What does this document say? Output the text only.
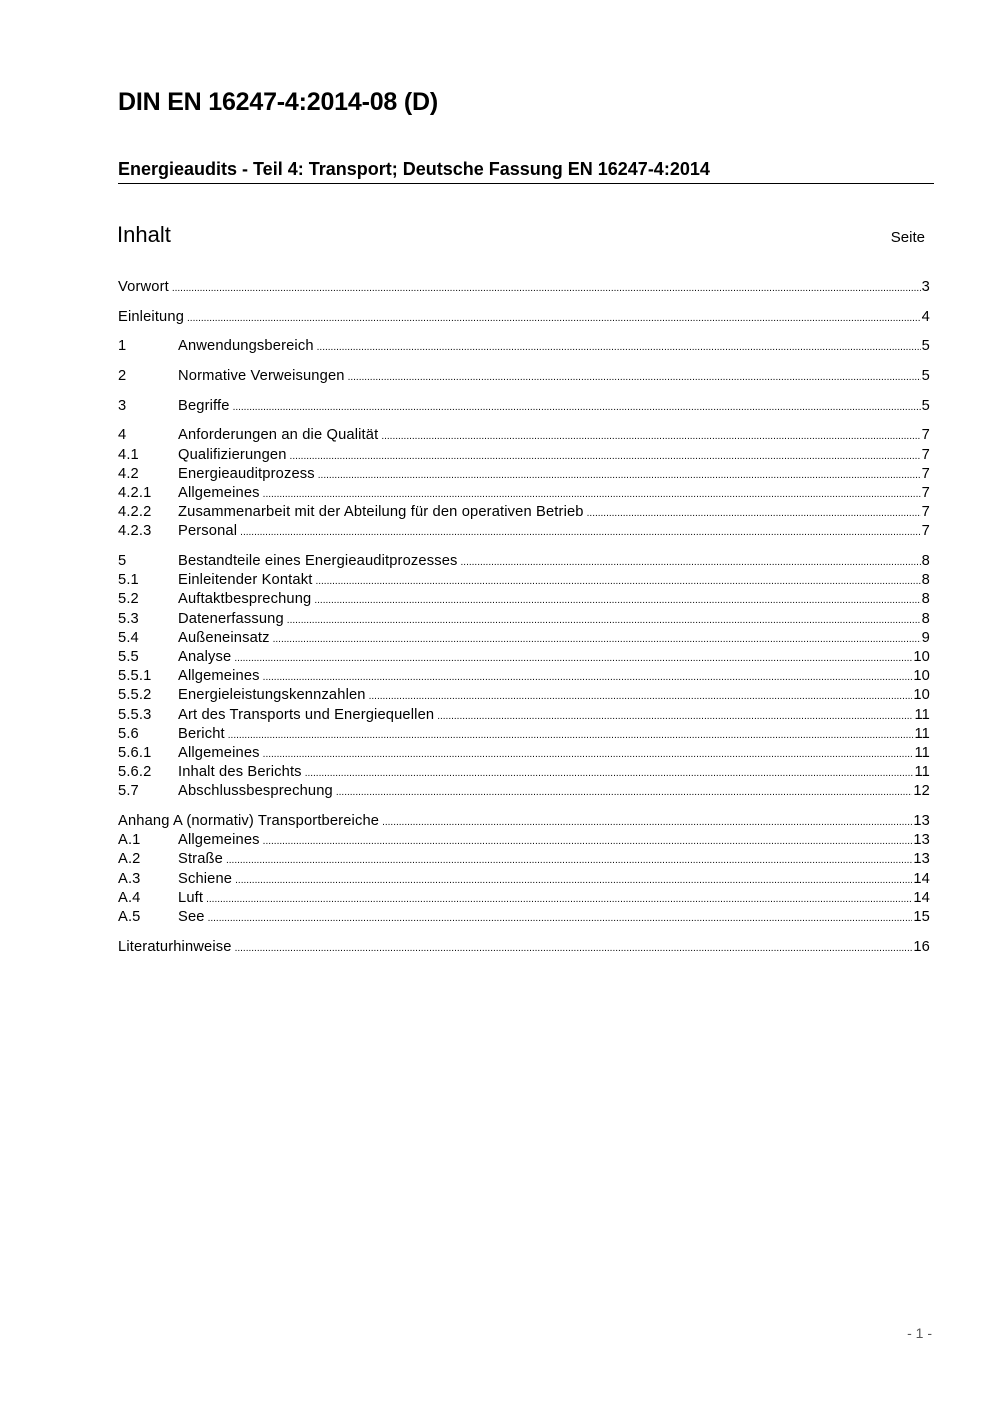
DIN EN 16247-4:2014-08 (D)
Energieaudits - Teil 4: Transport; Deutsche Fassung EN 16247-4:2014
Inhalt	Seite
Vorwort .....	3
Einleitung .....	4
1	Anwendungsbereich .....	5
2	Normative Verweisungen .....	5
3	Begriffe .....	5
4	Anforderungen an die Qualität .....	7
4.1	Qualifizierungen .....	7
4.2	Energieauditprozess .....	7
4.2.1	Allgemeines .....	7
4.2.2	Zusammenarbeit mit der Abteilung für den operativen Betrieb .....	7
4.2.3	Personal .....	7
5	Bestandteile eines Energieauditprozesses .....	8
5.1	Einleitender Kontakt .....	8
5.2	Auftaktbesprechung .....	8
5.3	Datenerfassung .....	8
5.4	Außeneinsatz .....	9
5.5	Analyse .....	10
5.5.1	Allgemeines .....	10
5.5.2	Energieleistungskennzahlen .....	10
5.5.3	Art des Transports und Energiequellen .....	11
5.6	Bericht .....	11
5.6.1	Allgemeines .....	11
5.6.2	Inhalt des Berichts .....	11
5.7	Abschlussbesprechung .....	12
Anhang A (normativ) Transportbereiche .....	13
A.1	Allgemeines .....	13
A.2	Straße .....	13
A.3	Schiene .....	14
A.4	Luft .....	14
A.5	See .....	15
Literaturhinweise .....	16
- 1 -
